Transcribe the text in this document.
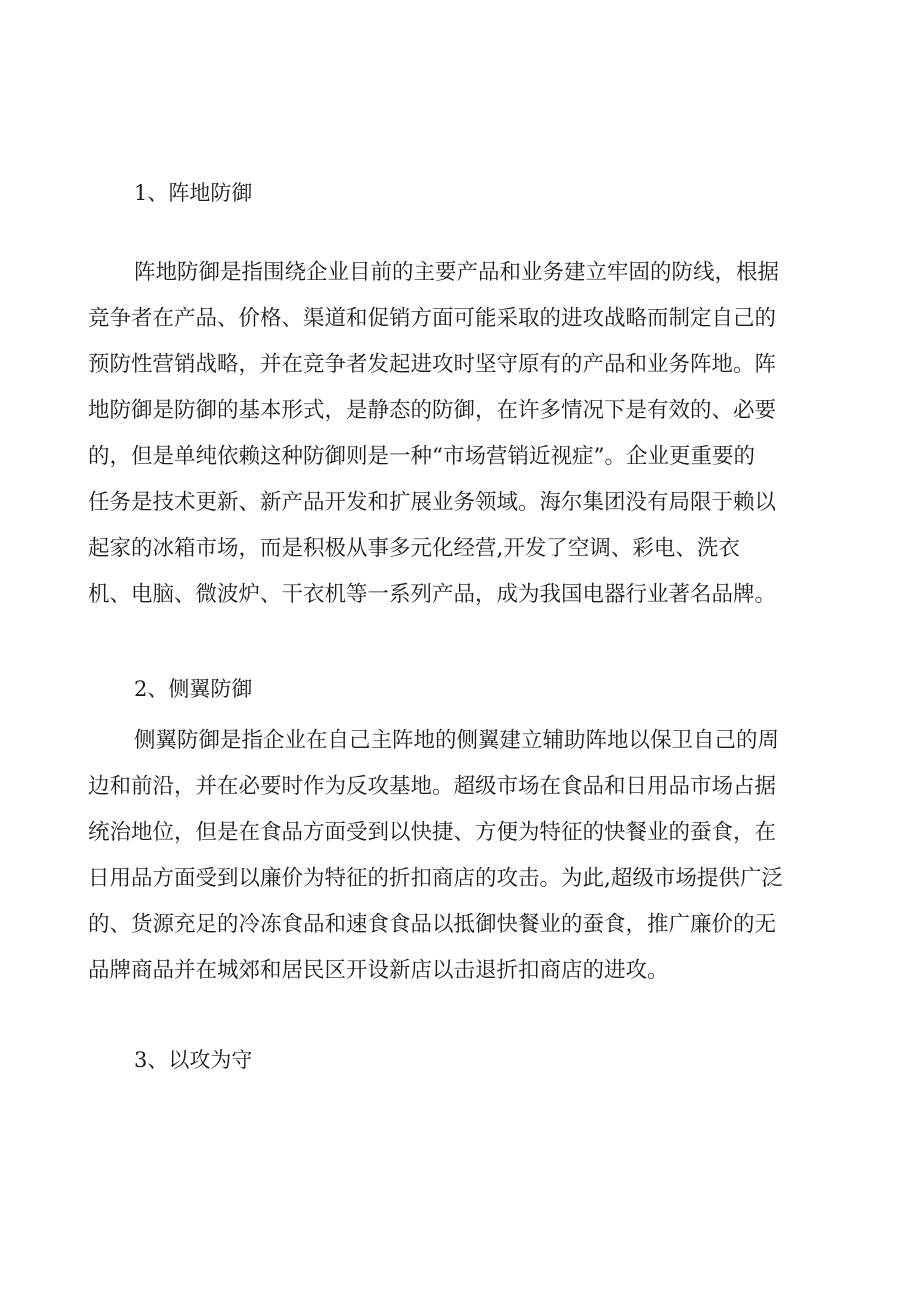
1、阵地防御
阵地防御是指围绕企业目前的主要产品和业务建立牢固的防线，根据
竞争者在产品、价格、渠道和促销方面可能采取的进攻战略而制定自己的
预防性营销战略，并在竞争者发起进攻时坚守原有的产品和业务阵地。阵
地防御是防御的基本形式，是静态的防御，在许多情况下是有效的、必要
的，但是单纯依赖这种防御则是一种“市场营销近视症”。企业更重要的
任务是技术更新、新产品开发和扩展业务领域。海尔集团没有局限于赖以
起家的冰箱市场，而是积极从事多元化经营,开发了空调、彩电、洗衣
机、电脑、微波炉、干衣机等一系列产品，成为我国电器行业著名品牌。
2、侧翼防御
侧翼防御是指企业在自己主阵地的侧翼建立辅助阵地以保卫自己的周
边和前沿，并在必要时作为反攻基地。超级市场在食品和日用品市场占据
统治地位，但是在食品方面受到以快捷、方便为特征的快餐业的蚕食，在
日用品方面受到以廉价为特征的折扣商店的攻击。为此,超级市场提供广泛
的、货源充足的冷冻食品和速食食品以抵御快餐业的蚕食，推广廉价的无
品牌商品并在城郊和居民区开设新店以击退折扣商店的进攻。
3、以攻为守
